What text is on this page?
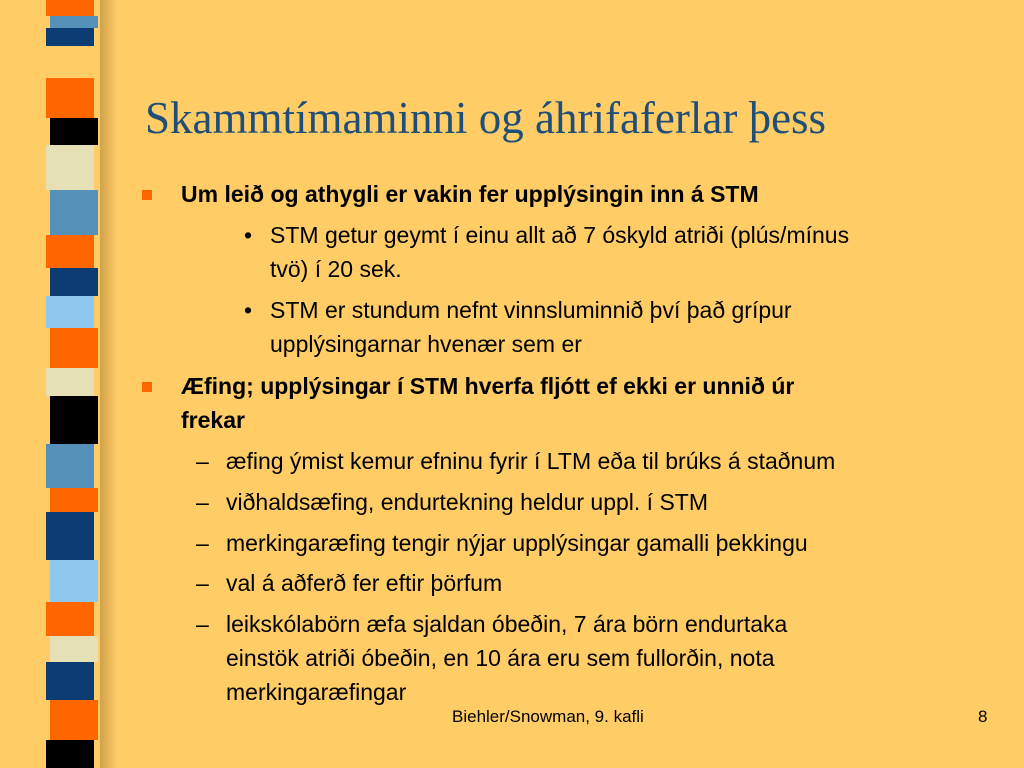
Skammtímaminni og áhrifaferlar þess
Um leið og athygli er vakin fer upplýsingin inn á STM
• STM getur geymt í einu allt að 7 óskyld atriði (plús/mínus
tvö) í 20 sek.
• STM er stundum nefnt vinnsluminnið því það grípur
upplýsingarnar hvenær sem er
Æfing; upplýsingar í STM hverfa fljótt ef ekki er unnið úr
frekar
– æfing ýmist kemur efninu fyrir í LTM eða til brúks á staðnum
– viðhaldsæfing, endurtekning heldur uppl. í STM
– merkingaræfing tengir nýjar upplýsingar gamalli þekkingu
– val á aðferð fer eftir þörfum
– leikskólabörn æfa sjaldan óbeðin, 7 ára börn endurtaka
einstök atriði óbeðin, en 10 ára eru sem fullorðin, nota
merkingaræfingar
Biehler/Snowman, 9. kafli	8
